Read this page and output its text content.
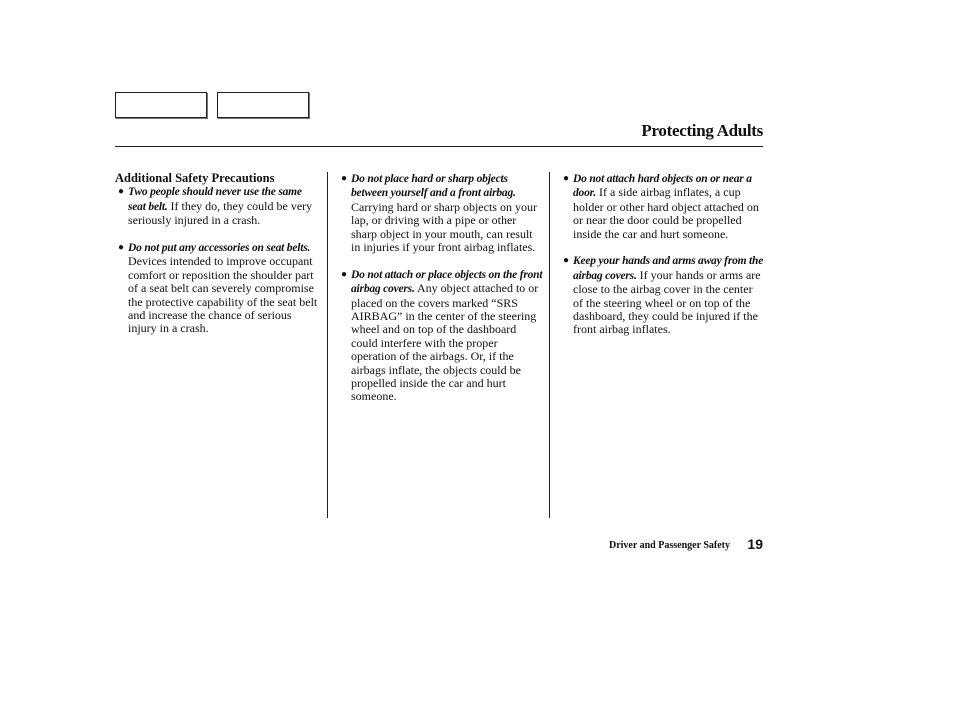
Protecting Adults
Additional Safety Precautions
● Two people should never use the same seat belt. If they do, they could be very seriously injured in a crash.
● Do not put any accessories on seat belts. Devices intended to improve occupant comfort or reposition the shoulder part of a seat belt can severely compromise the protective capability of the seat belt and increase the chance of serious injury in a crash.
● Do not place hard or sharp objects between yourself and a front airbag. Carrying hard or sharp objects on your lap, or driving with a pipe or other sharp object in your mouth, can result in injuries if your front airbag inflates.
● Do not attach or place objects on the front airbag covers. Any object attached to or placed on the covers marked “SRS AIRBAG” in the center of the steering wheel and on top of the dashboard could interfere with the proper operation of the airbags. Or, if the airbags inflate, the objects could be propelled inside the car and hurt someone.
● Do not attach hard objects on or near a door. If a side airbag inflates, a cup holder or other hard object attached on or near the door could be propelled inside the car and hurt someone.
● Keep your hands and arms away from the airbag covers. If your hands or arms are close to the airbag cover in the center of the steering wheel or on top of the dashboard, they could be injured if the front airbag inflates.
Driver and Passenger Safety 19
